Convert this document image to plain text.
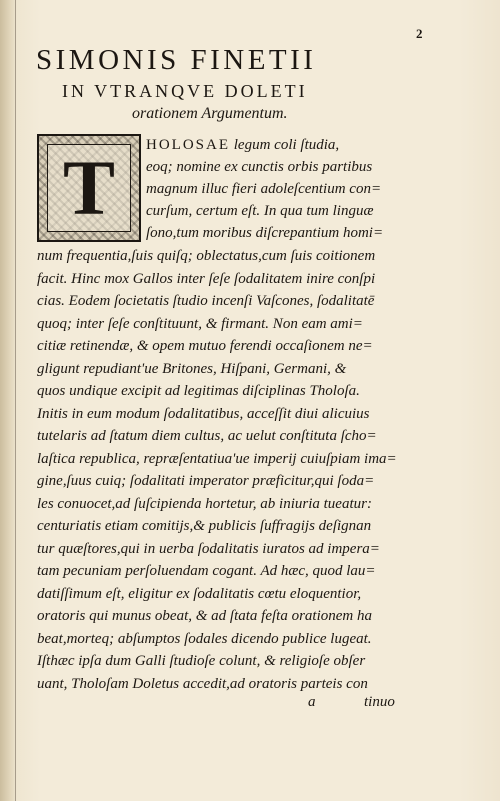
2
SIMONIS FINETII
IN VTRANQVE DOLETI
orationem Argumentum.
T HOLOSAE legum coli ſtudia,
eoq; nomine ex cunctis orbis partibus
magnum illuc fieri adoleſcentium con=
curſum, certum eſt. In qua tum linguæ
ſono,tum moribus diſcrepantium homi=
num frequentia,ſuis quiſq; oblectatus,cum ſuis coitionem
facit. Hinc mox Gallos inter ſeſe ſodalitatem inire conſpi
cias. Eodem ſocietatis ſtudio incenſi Vaſcones, ſodalitatē
quoq; inter ſeſe conſtituunt, & firmant. Non eam ami=
citiæ retinendæ, & opem mutuo ferendi occaſionem ne=
gligunt repudiant'ue Britones, Hiſpani, Germani, &
quos undique excipit ad legitimas diſciplinas Tholoſa.
Initis in eum modum ſodalitatibus, acceſſit diui alicuius
tutelaris ad ſtatum diem cultus, ac uelut conſtituta ſcho=
laſtica republica, repræſentatiua'ue imperij cuiuſpiam ima=
gine,ſuus cuiq; ſodalitati imperator præficitur,qui ſoda=
les conuocet,ad ſuſcipienda hortetur, ab iniuria tueatur:
centuriatis etiam comitijs,& publicis ſuffragijs deſignan
tur quæſtores,qui in uerba ſodalitatis iuratos ad impera=
tam pecuniam perſoluendam cogant. Ad hæc, quod lau=
datiſſimum eſt, eligitur ex ſodalitatis cœtu eloquentior,
oratoris qui munus obeat, & ad ſtata feſta orationem ha
beat,morteq; abſumptos ſodales dicendo publice lugeat.
Iſthæc ipſa dum Galli ſtudioſe colunt, & religioſe obſer
uant, Tholoſam Doletus accedit,ad oratoris parteis con
a	tinuo
